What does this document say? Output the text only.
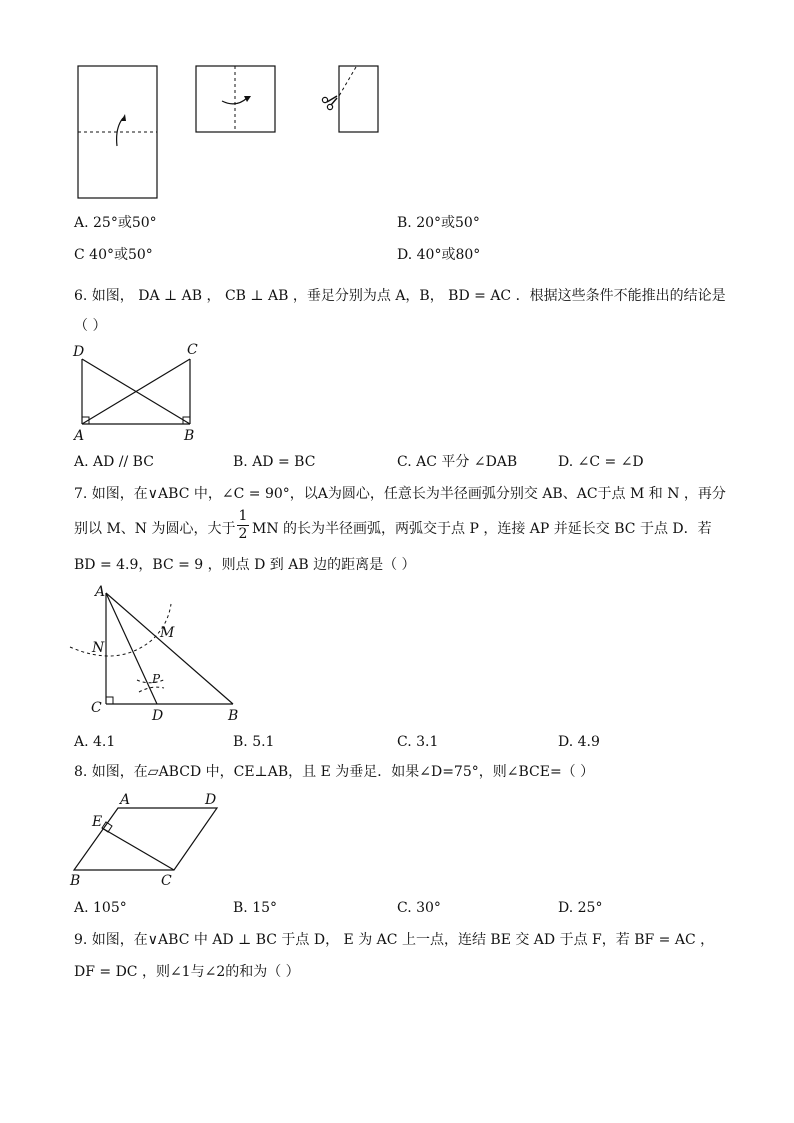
A. 25°或50°	B. 20°或50°
C 40°或50°	D. 40°或80°
6. 如图， DA ⊥ AB ， CB ⊥ AB ，垂足分别为点 A，B， BD = AC ．根据这些条件不能推出的结论是
（ ）
D	C
A	B
A. AD // BC	B. AD = BC	C. AC 平分 ∠DAB	D. ∠C = ∠D
7. 如图，在∨ABC 中，∠C = 90°，以A为圆心，任意长为半径画弧分别交 AB、AC于点 M 和 N ，再分
别以 M、N 为圆心，大于
1
2 MN 的长为半径画弧，两弧交于点 P ，连接 AP 并延长交 BC 于点 D．若
BD = 4.9，BC = 9 ，则点 D 到 AB 边的距离是（ ）
A
M
N
P
C	D	B
A. 4.1	B. 5.1	C. 3.1	D. 4.9
8. 如图，在▱ABCD 中，CE⊥AB，且 E 为垂足．如果∠D=75°，则∠BCE=（ ）
A	D
E
B	C
A. 105°	B. 15°	C. 30°	D. 25°
9. 如图，在∨ABC 中 AD ⊥ BC 于点 D， E 为 AC 上一点，连结 BE 交 AD 于点 F，若 BF = AC ，
DF = DC ，则∠1与∠2的和为（ ）
